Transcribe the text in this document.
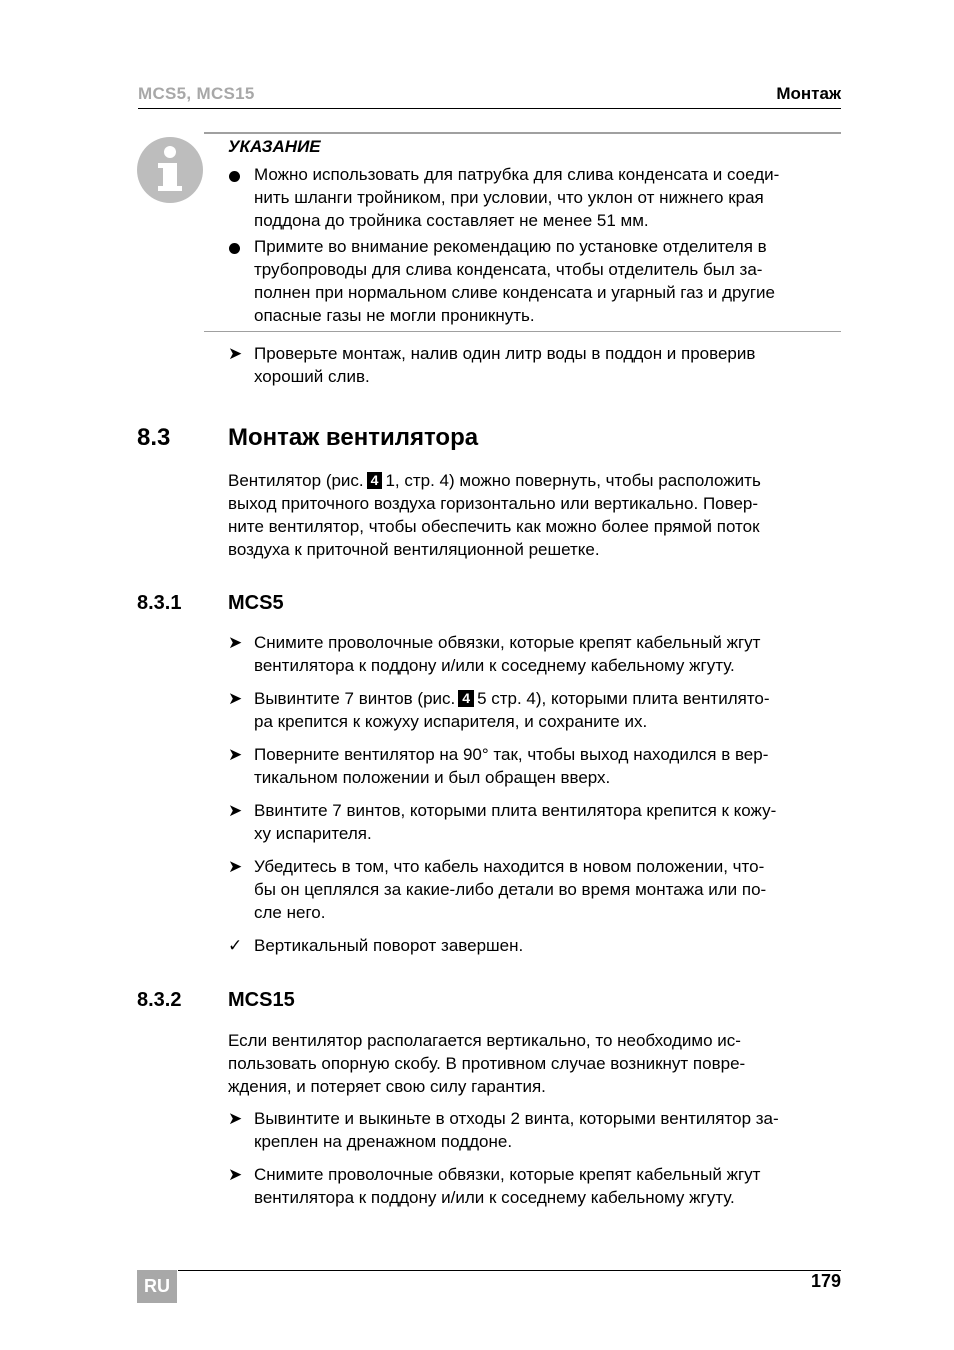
MCS5, MCS15	Монтаж
УКАЗАНИЕ
Можно использовать для патрубка для слива конденсата и соеди-
нить шланги тройником, при условии, что уклон от нижнего края
поддона до тройника составляет не менее 51 мм.
Примите во внимание рекомендацию по установке отделителя в
трубопроводы для слива конденсата, чтобы отделитель был за-
полнен при нормальном сливе конденсата и угарный газ и другие
опасные газы не могли проникнуть.
➤ Проверьте монтаж, налив один литр воды в поддон и проверив
хороший слив.
8.3 Монтаж вентилятора
Вентилятор (рис. 4 1, стр. 4) можно повернуть, чтобы расположить
выход приточного воздуха горизонтально или вертикально. Повер-
ните вентилятор, чтобы обеспечить как можно более прямой поток
воздуха к приточной вентиляционной решетке.
8.3.1 MCS5
➤ Снимите проволочные обвязки, которые крепят кабельный жгут
вентилятора к поддону и/или к соседнему кабельному жгуту.
➤ Вывинтите 7 винтов (рис. 4 5 стр. 4), которыми плита вентилято-
ра крепится к кожуху испарителя, и сохраните их.
➤ Поверните вентилятор на 90° так, чтобы выход находился в вер-
тикальном положении и был обращен вверх.
➤ Ввинтите 7 винтов, которыми плита вентилятора крепится к кожу-
ху испарителя.
➤ Убедитесь в том, что кабель находится в новом положении, что-
бы он цеплялся за какие-либо детали во время монтажа или по-
сле него.
✓ Вертикальный поворот завершен.
8.3.2 MCS15
Если вентилятор располагается вертикально, то необходимо ис-
пользовать опорную скобу. В противном случае возникнут повре-
ждения, и потеряет свою силу гарантия.
➤ Вывинтите и выкиньте в отходы 2 винта, которыми вентилятор за-
креплен на дренажном поддоне.
➤ Снимите проволочные обвязки, которые крепят кабельный жгут
вентилятора к поддону и/или к соседнему кабельному жгуту.
RU	179
